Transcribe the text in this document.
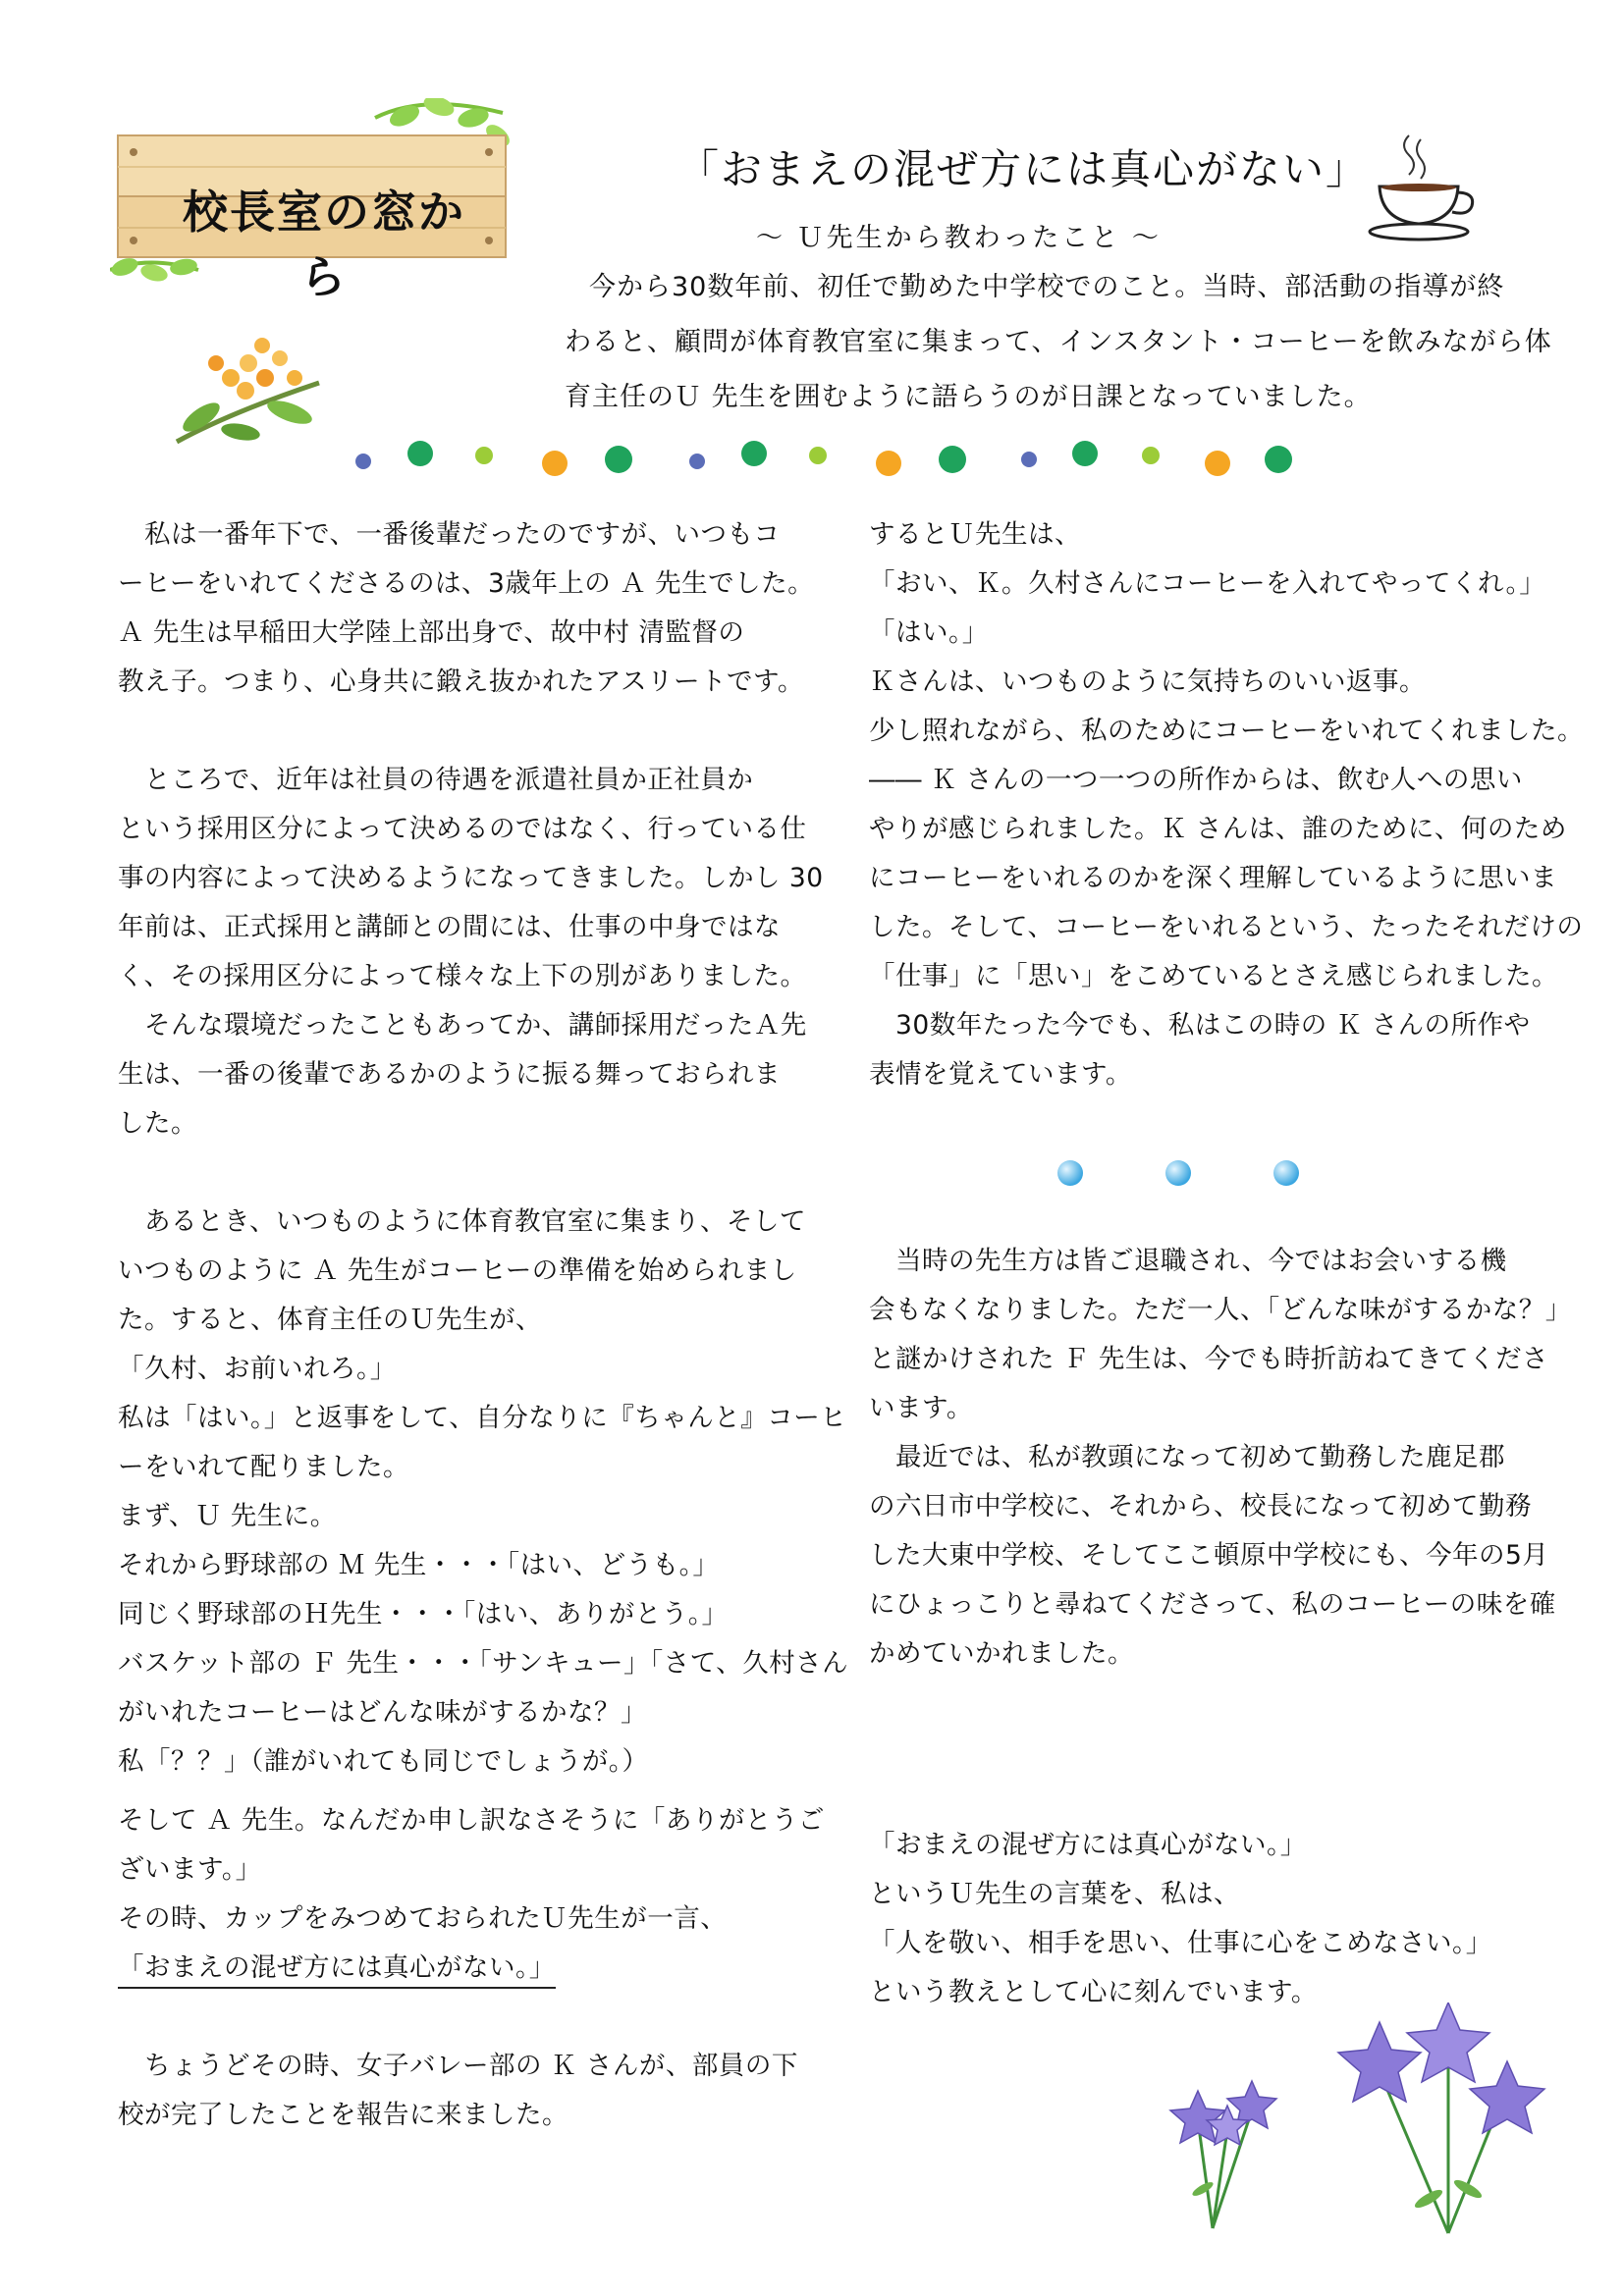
校長室の窓から
「おまえの混ぜ方には真心がない」
～ Ｕ先生から教わったこと ～
今から30数年前、初任で勤めた中学校でのこと。当時、部活動の指導が終
わると、顧問が体育教官室に集まって、インスタント・コーヒーを飲みながら体
育主任のＵ 先生を囲むように語らうのが日課となっていました。

　私は一番年下で、一番後輩だったのですが、いつもコ

ーヒーをいれてくださるのは、3歳年上の Ａ 先生でした。

Ａ 先生は早稲田大学陸上部出身で、故中村 清監督の

教え子。つまり、心身共に鍛え抜かれたアスリートです。

　ところで、近年は社員の待遇を派遣社員か正社員か

という採用区分によって決めるのではなく、行っている仕

事の内容によって決めるようになってきました。しかし 30

年前は、正式採用と講師との間には、仕事の中身ではな

く、その採用区分によって様々な上下の別がありました。

　そんな環境だったこともあってか、講師採用だったＡ先

生は、一番の後輩であるかのように振る舞っておられま

した。

　あるとき、いつものように体育教官室に集まり、そして

いつものように Ａ 先生がコーヒーの準備を始められまし

た。すると、体育主任のＵ先生が、

「久村、お前いれろ。」

私は「はい。」と返事をして、自分なりに『ちゃんと』コーヒ

ーをいれて配りました。

まず、Ｕ 先生に。

それから野球部の Ｍ 先生・・・「はい、どうも。」

同じく野球部のＨ先生・・・「はい、ありがとう。」

バスケット部の Ｆ 先生・・・「サンキュー」「さて、久村さん

がいれたコーヒーはどんな味がするかな？」

私「？？」（誰がいれても同じでしょうが。）

そして Ａ 先生。なんだか申し訳なさそうに「ありがとうご

ざいます。」

その時、カップをみつめておられたＵ先生が一言、

「おまえの混ぜ方には真心がない。」

　ちょうどその時、女子バレー部の Ｋ さんが、部員の下

校が完了したことを報告に来ました。

するとＵ先生は、

「おい、Ｋ。久村さんにコーヒーを入れてやってくれ。」

「はい。」

Ｋさんは、いつものように気持ちのいい返事。

少し照れながら、私のためにコーヒーをいれてくれました。

―― Ｋ さんの一つ一つの所作からは、飲む人への思い

やりが感じられました。Ｋ さんは、誰のために、何のため

にコーヒーをいれるのかを深く理解しているように思いま

した。そして、コーヒーをいれるという、たったそれだけの

「仕事」に「思い」をこめているとさえ感じられました。

　30数年たった今でも、私はこの時の Ｋ さんの所作や

表情を覚えています。

　当時の先生方は皆ご退職され、今ではお会いする機

会もなくなりました。ただ一人、「どんな味がするかな？」

と謎かけされた Ｆ 先生は、今でも時折訪ねてきてくださ

います。

　最近では、私が教頭になって初めて勤務した鹿足郡

の六日市中学校に、それから、校長になって初めて勤務

した大東中学校、そしてここ頓原中学校にも、今年の5月

にひょっこりと尋ねてくださって、私のコーヒーの味を確

かめていかれました。

「おまえの混ぜ方には真心がない。」

というＵ先生の言葉を、私は、

「人を敬い、相手を思い、仕事に心をこめなさい。」

という教えとして心に刻んでいます。
